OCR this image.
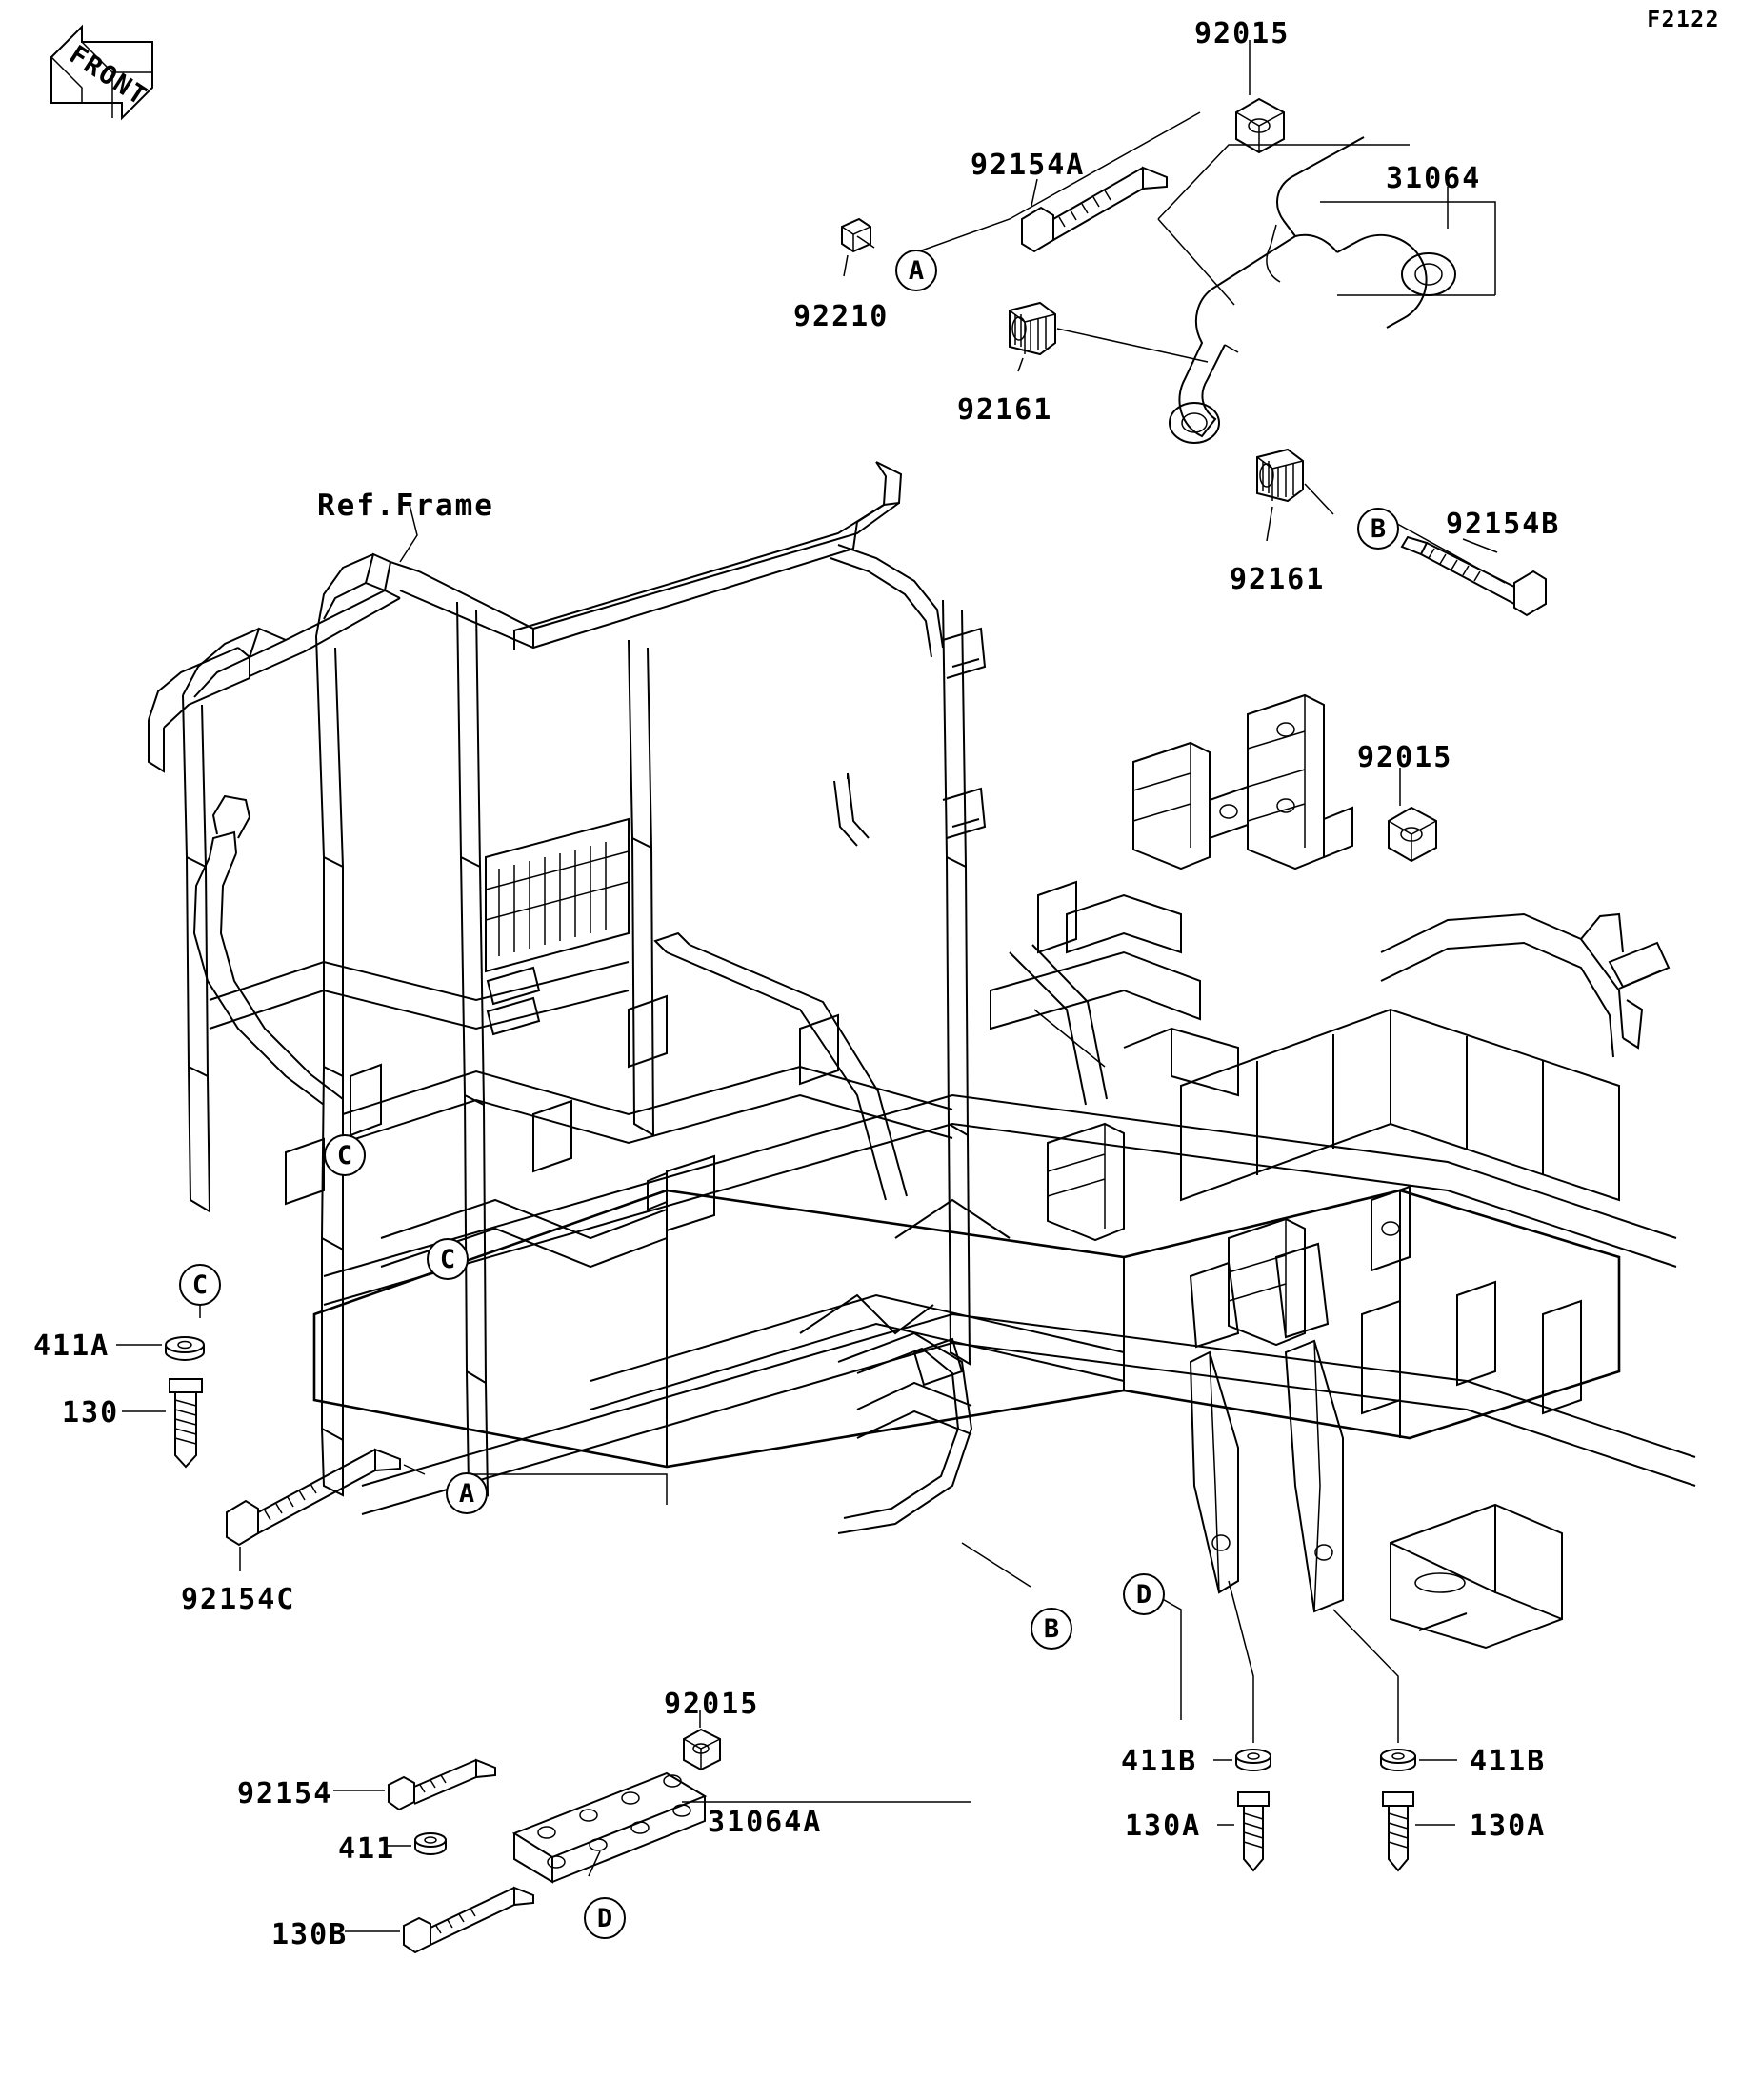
F2122
FRONT
92015
92154A	31064
92210
92161
92154B
92161
Ref.Frame
92015
411A
130
92154C
92015
92154
31064A
411
130B
411B	411B
130A	130A
A
B
C
C
C
A
B
D
D
